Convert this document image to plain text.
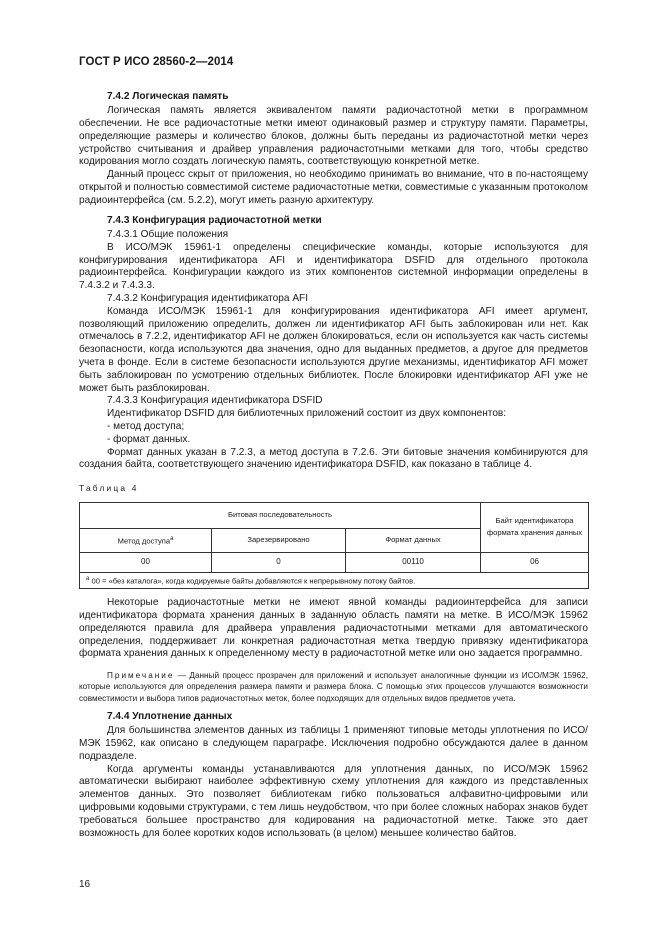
ГОСТ Р ИСО 28560-2—2014
7.4.2 Логическая память

Логическая память является эквивалентом памяти радиочастотной метки в программном обеспечении. Не все радиочастотные метки имеют одинаковый размер и структуру памяти. Параметры, определяющие размеры и количество блоков, должны быть переданы из радиочастотной метки через устройство считывания и драйвер управления радиочастотными метками для того, чтобы средство кодирования могло создать логическую память, соответствующую конкретной метке.

Данный процесс скрыт от приложения, но необходимо принимать во внимание, что в по-настоящему открытой и полностью совместимой системе радиочастотные метки, совместимые с указанным протоколом радиоинтерфейса (см. 5.2.2), могут иметь разную архитектуру.

7.4.3 Конфигурация радиочастотной метки
7.4.3.1 Общие положения

В ИСО/МЭК 15961-1 определены специфические команды, которые используются для конфигурирования идентификатора AFI и идентификатора DSFID для отдельного протокола радиоинтерфейса. Конфигурации каждого из этих компонентов системной информации определены в 7.4.3.2 и 7.4.3.3.

7.4.3.2 Конфигурация идентификатора AFI

Команда ИСО/МЭК 15961-1 для конфигурирования идентификатора AFI имеет аргумент, позволяющий приложению определить, должен ли идентификатор AFI быть заблокирован или нет. Как отмечалось в 7.2.2, идентификатор AFI не должен блокироваться, если он используется как часть системы безопасности, когда используются два значения, одно для выданных предметов, а другое для предметов учета в фонде. Если в системе безопасности используются другие механизмы, идентификатор AFI может быть заблокирован по усмотрению отдельных библиотек. После блокировки идентификатор AFI уже не может быть разблокирован.

7.4.3.3 Конфигурация идентификатора DSFID

Идентификатор DSFID для библиотечных приложений состоит из двух компонентов:

- метод доступа;
- формат данных.

Формат данных указан в 7.2.3, а метод доступа в 7.2.6. Эти битовые значения комбинируются для создания байта, соответствующего значению идентификатора DSFID, как показано в таблице 4.

Таблица 4
Битовая последовательность			Байт идентификатора формата хранения данных
Метод доступа$^a$	Зарезервировано	Формат данных	
00	0	00110	06
$^a$ 00 = «без каталога», когда кодируемые байты добавляются к непрерывному потоку байтов.			

Некоторые радиочастотные метки не имеют явной команды радиоинтерфейса для записи идентификатора формата хранения данных в заданную область памяти на метке. В ИСО/МЭК 15962 определяются правила для драйвера управления радиочастотными метками для автоматического определения, поддерживает ли конкретная радиочастотная метка твердую привязку идентификатора формата хранения данных к определенному месту в радиочастотной метке или оно задается программно.

Примечание — Данный процесс прозрачен для приложений и использует аналогичные функции из ИСО/МЭК 15962, которые используются для определения размера памяти и размера блока. С помощью этих процессов улучшаются возможности совместимости и выбора типов радиочастотных меток, более подходящих для отдельных видов предметов учета.

7.4.4 Уплотнение данных

Для большинства элементов данных из таблицы 1 применяют типовые методы уплотнения по ИСО/МЭК 15962, как описано в следующем параграфе. Исключения подробно обсуждаются далее в данном подразделе.

Когда аргументы команды устанавливаются для уплотнения данных, по ИСО/МЭК 15962 автоматически выбирают наиболее эффективную схему уплотнения для каждого из представленных элементов данных. Это позволяет библиотекам гибко пользоваться алфавитно-цифровыми или цифровыми кодовыми структурами, с тем лишь неудобством, что при более сложных наборах знаков будет требоваться большее пространство для кодирования на радиочастотной метке. Также это дает возможность для более коротких кодов использовать (в целом) меньшее количество байтов.

16
